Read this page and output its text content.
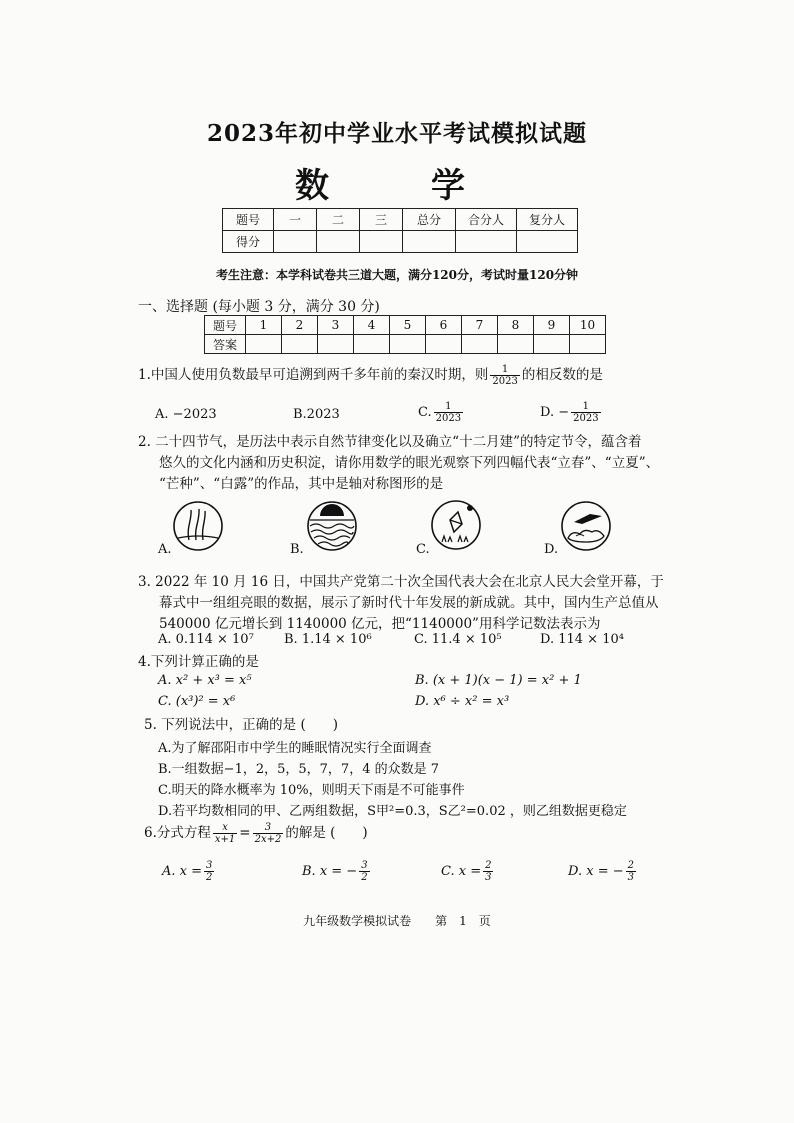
2023年初中学业水平考试模拟试题
数　学
题号	一	二	三	总分	合分人	复分人
得分						
考生注意：本学科试卷共三道大题，满分120分，考试时量120分钟
一、选择题 (每小题 3 分，满分 30 分)
题号	1	2	3	4	5	6	7	8	9	10
答案										
1.中国人使用负数最早可追溯到两千多年前的秦汉时期，则 $\frac{1}{2023}$ 的相反数的是
A. −2023	B.2023	C. $\frac{1}{2023}$	D. − $\frac{1}{2023}$
2. 二十四节气，是历法中表示自然节律变化以及确立“十二月建”的特定节令，蕴含着
悠久的文化内涵和历史积淀，请你用数学的眼光观察下列四幅代表“立春”、“立夏”、
“芒种”、“白露”的作品，其中是轴对称图形的是
A.	B.	C.	D.
3. 2022 年 10 月 16 日，中国共产党第二十次全国代表大会在北京人民大会堂开幕，于
幕式中一组组亮眼的数据，展示了新时代十年发展的新成就。其中，国内生产总值从
540000 亿元增长到 1140000 亿元，把“1140000”用科学记数法表示为
A. 0.114 × 10⁷ B. 1.14 × 10⁶	C. 11.4 × 10⁵	D. 114 × 10⁴
4.下列计算正确的是
A. x² + x³ = x⁵	B. (x + 1)(x − 1) = x² + 1
C. (x³)² = x⁶	D. x⁶ ÷ x² = x³
5. 下列说法中，正确的是 (　　)
A.为了解邵阳市中学生的睡眠情况实行全面调查
B.一组数据−1，2，5，5，7，7，4 的众数是 7
C.明天的降水概率为 10%，则明天下雨是不可能事件
D.若平均数相同的甲、乙两组数据，S甲²=0.3，S乙²=0.02 ，则乙组数据更稳定
6.分式方程 $\frac{x}{x+1} = \frac{3}{2x+2}$ 的解是 (　　)
A. $x = \frac{3}{2}$	B. x = − $\frac{3}{2}$	C. $x = \frac{2}{3}$	D. x = − $\frac{2}{3}$
九年级数学模拟试卷　　第　1　页
